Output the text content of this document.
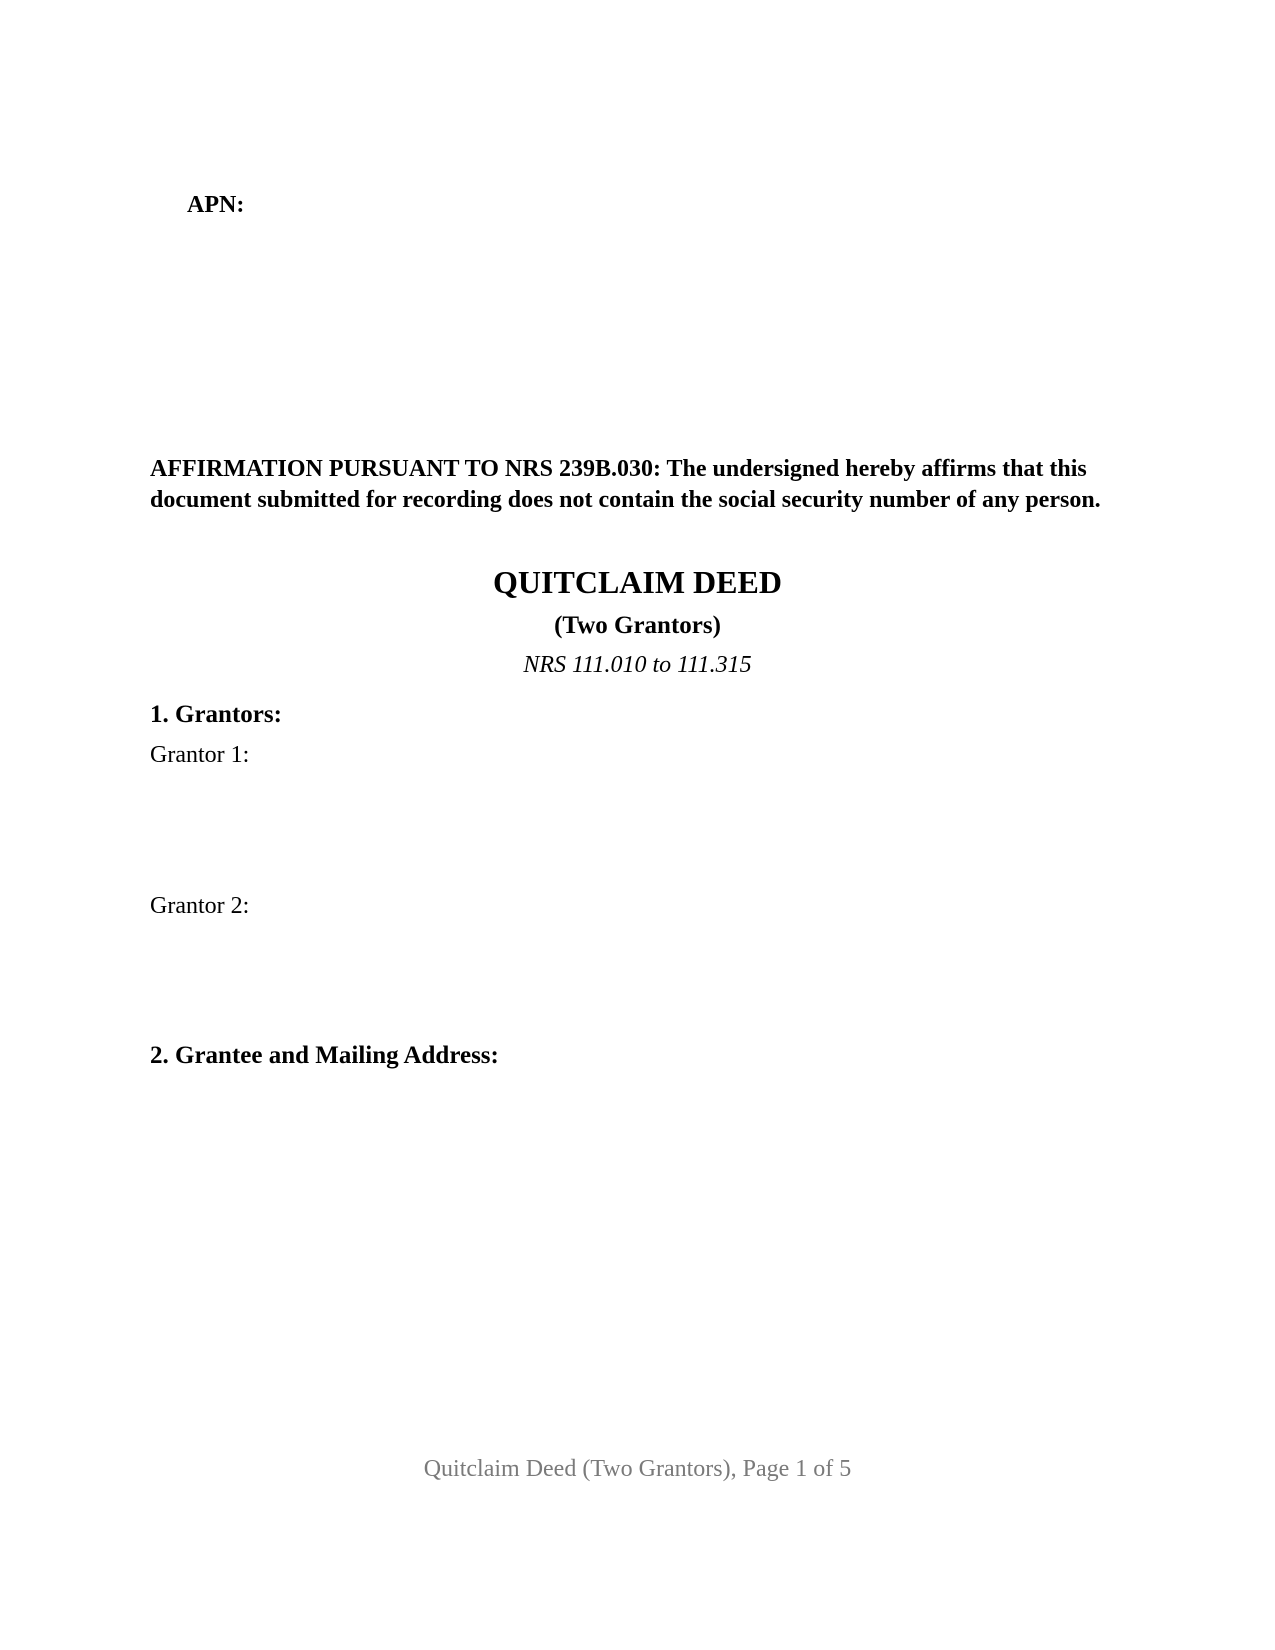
APN:
AFFIRMATION PURSUANT TO NRS 239B.030: The undersigned hereby affirms that this document submitted for recording does not contain the social security number of any person.
QUITCLAIM DEED
(Two Grantors)
NRS 111.010 to 111.315
1. Grantors:
Grantor 1:
Grantor 2:
2. Grantee and Mailing Address:
Quitclaim Deed (Two Grantors), Page 1 of 5
